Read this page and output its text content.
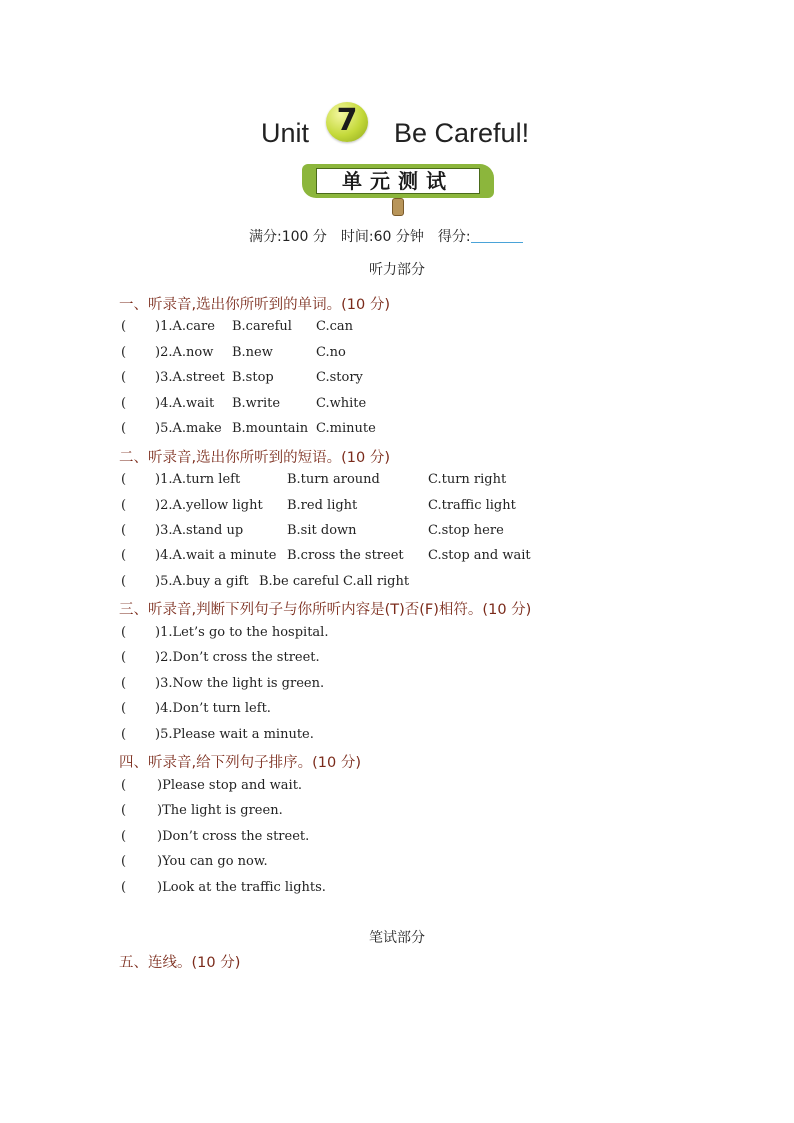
Unit 7	Be Careful!
单元测试
满分:100 分 时间:60 分钟 得分:
听力部分
一、听录音,选出你所听到的单词。(10 分)
( )1.A.care B.careful C.can
( )2.A.now B.new	C.no
( )3.A.street B.stop	C.story
( )4.A.wait B.write	C.white
( )5.A.make B.mountain C.minute
二、听录音,选出你所听到的短语。(10 分)
( )1.A.turn left	B.turn around	C.turn right
( )2.A.yellow light B.red light	C.traffic light
( )3.A.stand up	B.sit down	C.stop here
( )4.A.wait a minute B.cross the street C.stop and wait
( )5.A.buy a gift B.be careful C.all right
三、听录音,判断下列句子与你所听内容是(T)否(F)相符。(10 分)
( )1.Let’s go to the hospital.
( )2.Don’t cross the street.
( )3.Now the light is green.
( )4.Don’t turn left.
( )5.Please wait a minute.
四、听录音,给下列句子排序。(10 分)
( )Please stop and wait.
( )The light is green.
( )Don’t cross the street.
( )You can go now.
( )Look at the traffic lights.
笔试部分
五、连线。(10 分)
